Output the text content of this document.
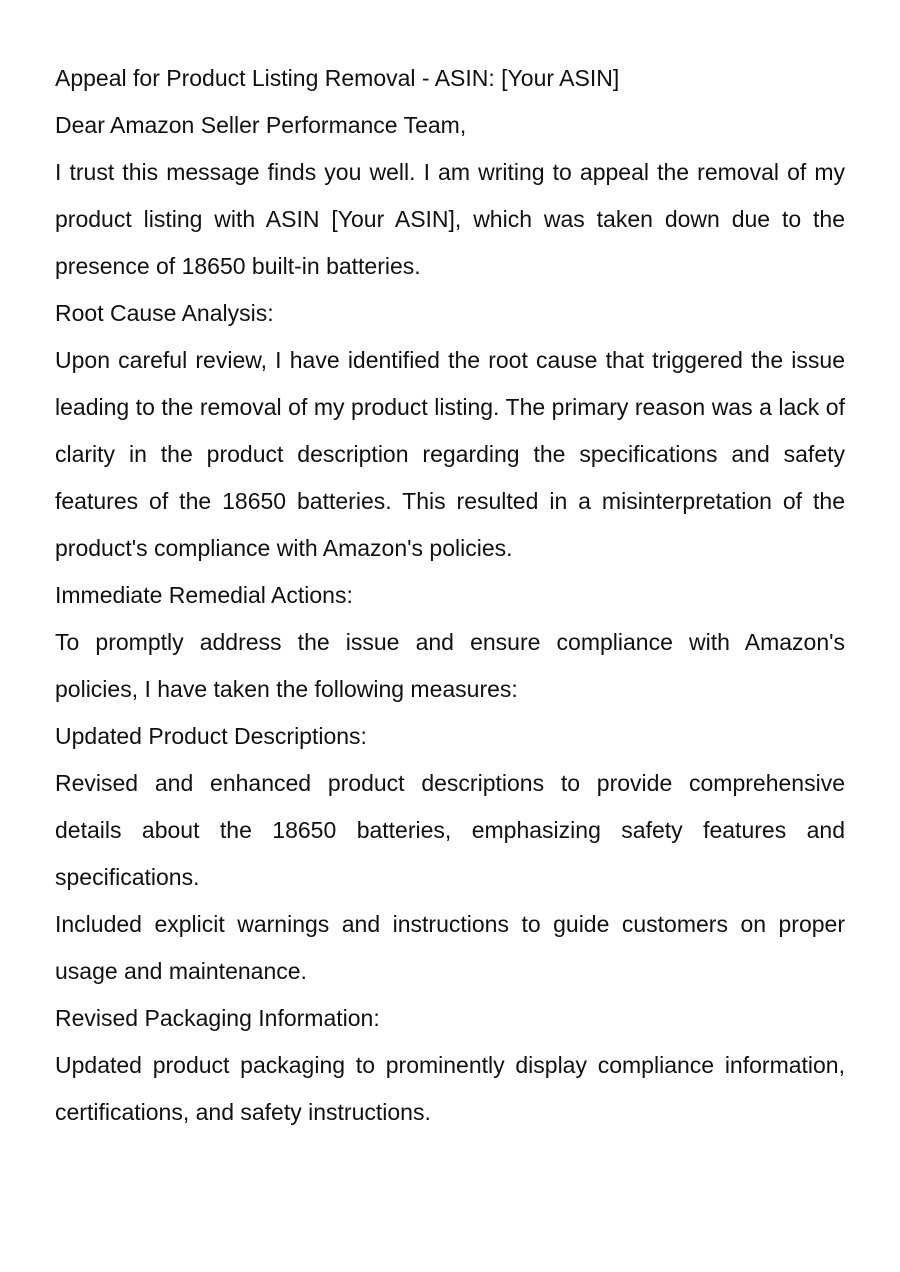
Appeal for Product Listing Removal - ASIN: [Your ASIN]

Dear Amazon Seller Performance Team,

I trust this message finds you well. I am writing to appeal the removal of my product listing with ASIN [Your ASIN], which was taken down due to the presence of 18650 built-in batteries.

Root Cause Analysis:

Upon careful review, I have identified the root cause that triggered the issue leading to the removal of my product listing. The primary reason was a lack of clarity in the product description regarding the specifications and safety features of the 18650 batteries. This resulted in a misinterpretation of the product's compliance with Amazon's policies.

Immediate Remedial Actions:

To promptly address the issue and ensure compliance with Amazon's policies, I have taken the following measures:

Updated Product Descriptions:

Revised and enhanced product descriptions to provide comprehensive details about the 18650 batteries, emphasizing safety features and specifications.

Included explicit warnings and instructions to guide customers on proper usage and maintenance.

Revised Packaging Information:

Updated product packaging to prominently display compliance information, certifications, and safety instructions.
